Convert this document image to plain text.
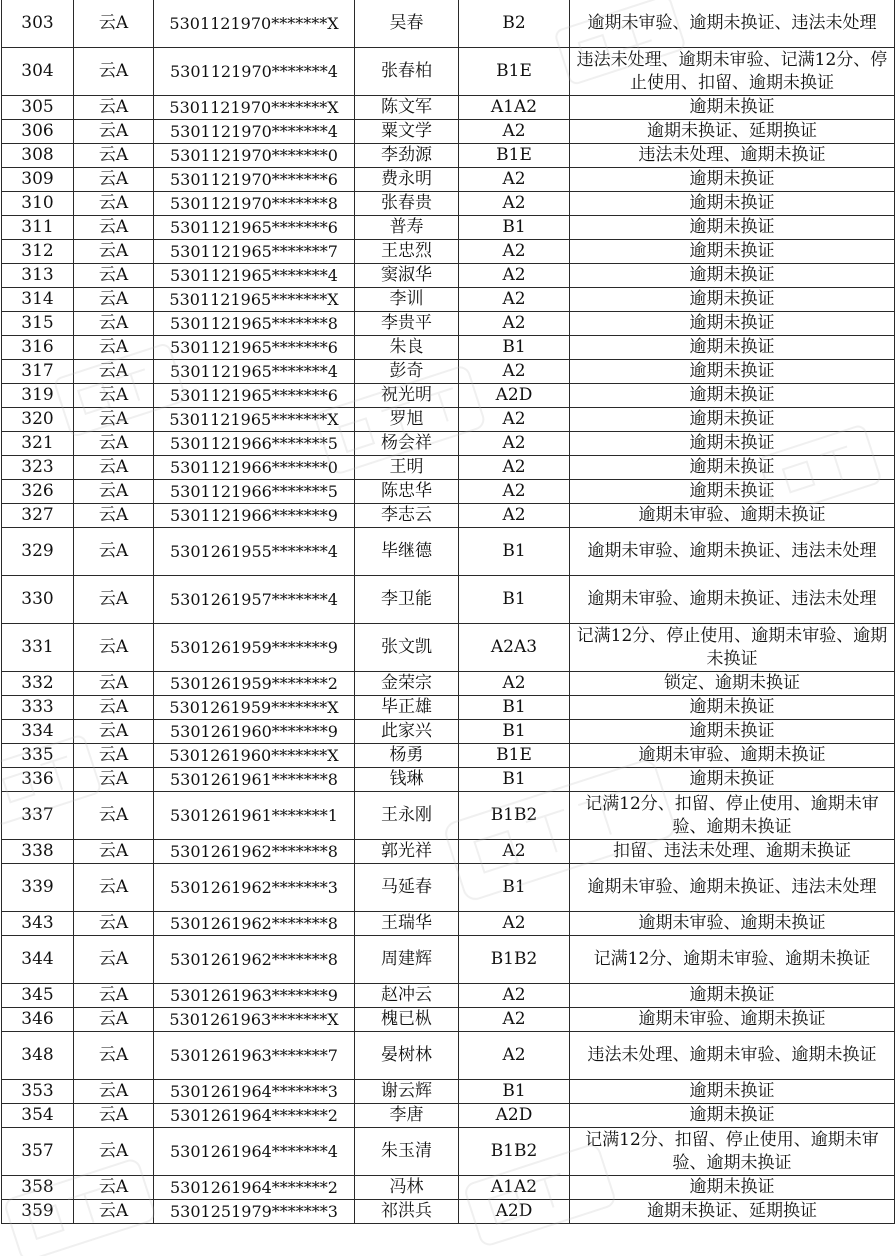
303	云A	5301121970*******X	吴春	B2	逾期未审验、逾期未换证、违法未处理
304	云A	5301121970*******4	张春柏	B1E	违法未处理、逾期未审验、记满12分、停止使用、扣留、逾期未换证
305	云A	5301121970*******X	陈文军	A1A2	逾期未换证
306	云A	5301121970*******4	粟文学	A2	逾期未换证、延期换证
308	云A	5301121970*******0	李劲源	B1E	违法未处理、逾期未换证
309	云A	5301121970*******6	费永明	A2	逾期未换证
310	云A	5301121970*******8	张春贵	A2	逾期未换证
311	云A	5301121965*******6	普寿	B1	逾期未换证
312	云A	5301121965*******7	王忠烈	A2	逾期未换证
313	云A	5301121965*******4	窦淑华	A2	逾期未换证
314	云A	5301121965*******X	李训	A2	逾期未换证
315	云A	5301121965*******8	李贵平	A2	逾期未换证
316	云A	5301121965*******6	朱良	B1	逾期未换证
317	云A	5301121965*******4	彭奇	A2	逾期未换证
319	云A	5301121965*******6	祝光明	A2D	逾期未换证
320	云A	5301121965*******X	罗旭	A2	逾期未换证
321	云A	5301121966*******5	杨会祥	A2	逾期未换证
323	云A	5301121966*******0	王明	A2	逾期未换证
326	云A	5301121966*******5	陈忠华	A2	逾期未换证
327	云A	5301121966*******9	李志云	A2	逾期未审验、逾期未换证
329	云A	5301261955*******4	毕继德	B1	逾期未审验、逾期未换证、违法未处理
330	云A	5301261957*******4	李卫能	B1	逾期未审验、逾期未换证、违法未处理
331	云A	5301261959*******9	张文凯	A2A3	记满12分、停止使用、逾期未审验、逾期未换证
332	云A	5301261959*******2	金荣宗	A2	锁定、逾期未换证
333	云A	5301261959*******X	毕正雄	B1	逾期未换证
334	云A	5301261960*******9	此家兴	B1	逾期未换证
335	云A	5301261960*******X	杨勇	B1E	逾期未审验、逾期未换证
336	云A	5301261961*******8	钱琳	B1	逾期未换证
337	云A	5301261961*******1	王永刚	B1B2	记满12分、扣留、停止使用、逾期未审验、逾期未换证
338	云A	5301261962*******8	郭光祥	A2	扣留、违法未处理、逾期未换证
339	云A	5301261962*******3	马延春	B1	逾期未审验、逾期未换证、违法未处理
343	云A	5301261962*******8	王瑞华	A2	逾期未审验、逾期未换证
344	云A	5301261962*******8	周建辉	B1B2	记满12分、逾期未审验、逾期未换证
345	云A	5301261963*******9	赵冲云	A2	逾期未换证
346	云A	5301261963*******X	槐已枞	A2	逾期未审验、逾期未换证
348	云A	5301261963*******7	晏树林	A2	违法未处理、逾期未审验、逾期未换证
353	云A	5301261964*******3	谢云辉	B1	逾期未换证
354	云A	5301261964*******2	李唐	A2D	逾期未换证
357	云A	5301261964*******4	朱玉清	B1B2	记满12分、扣留、停止使用、逾期未审验、逾期未换证
358	云A	5301261964*******2	冯林	A1A2	逾期未换证
359	云A	5301251979*******3	祁洪兵	A2D	逾期未换证、延期换证
